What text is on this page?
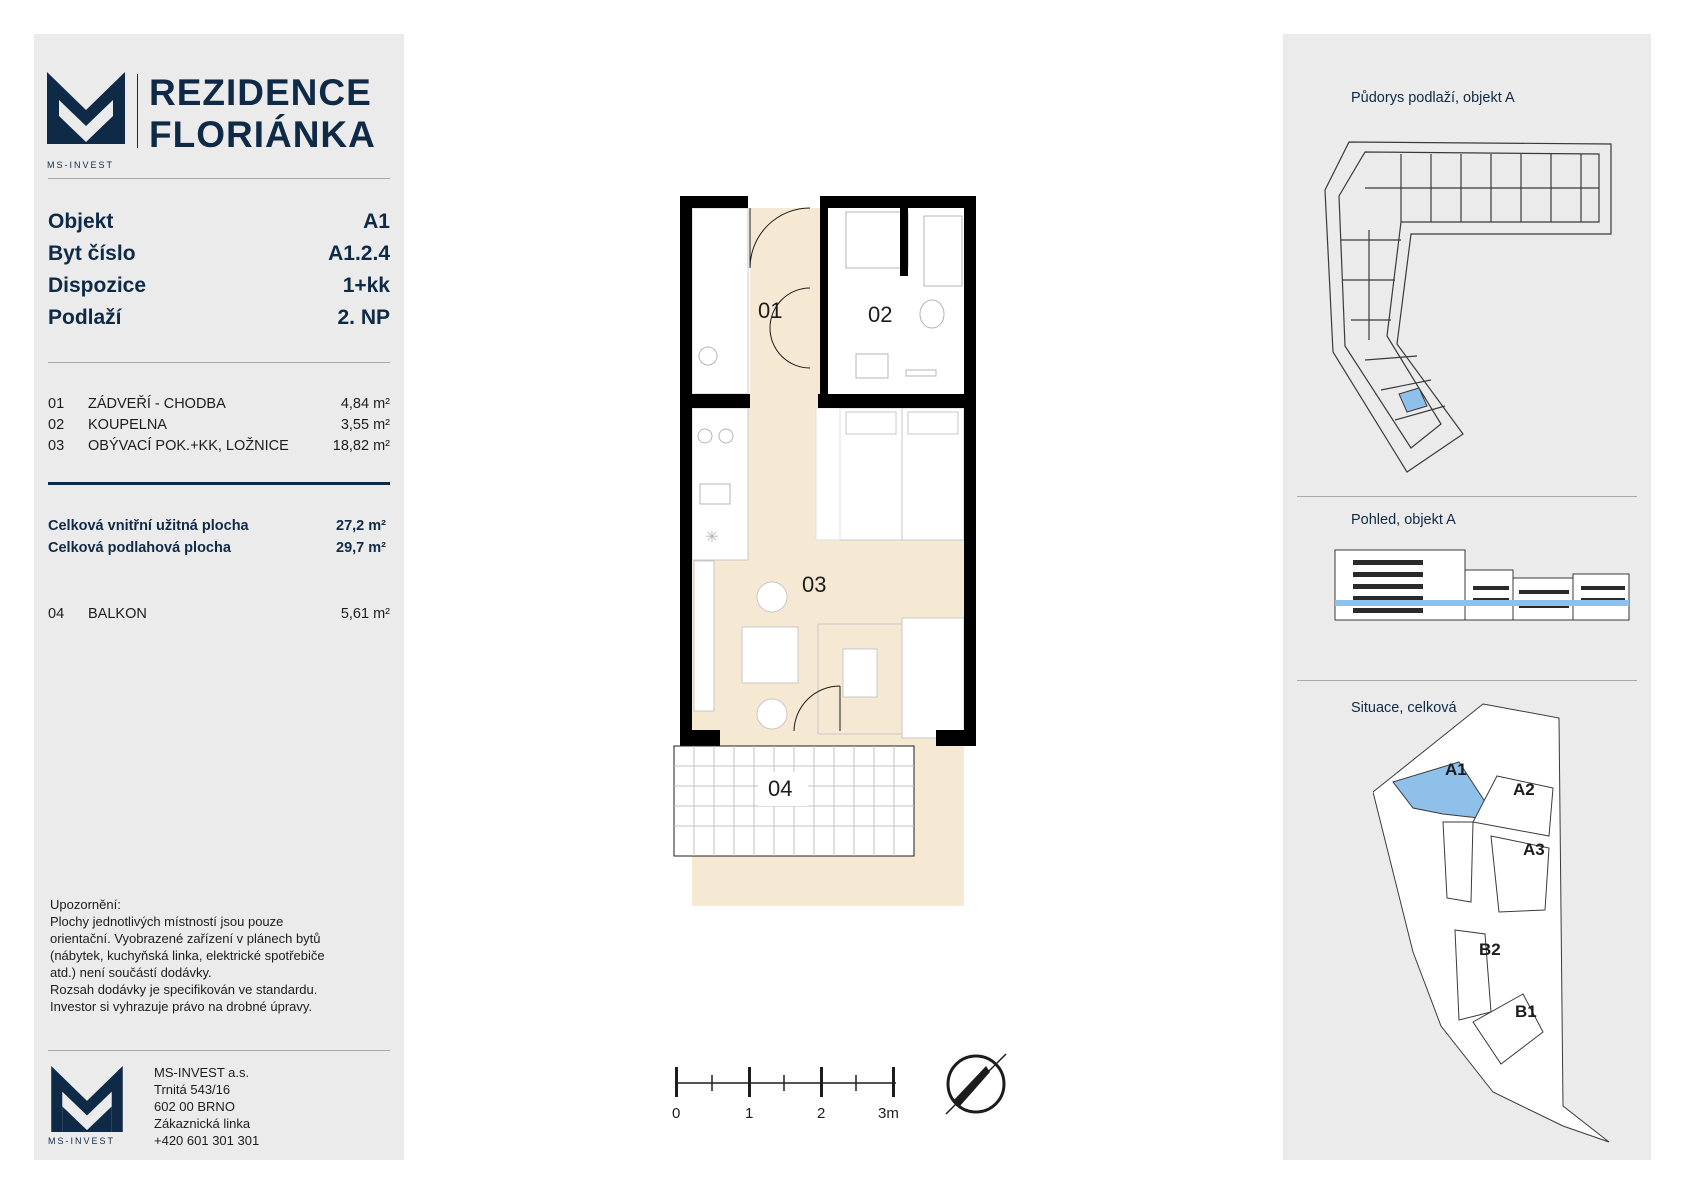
MS-INVEST
REZIDENCE
FLORIÁNKA
Objekt	A1
Byt číslo	A1.2.4
Dispozice	1+kk
Podlaží	2. NP
01 ZÁDVEŘÍ - CHODBA	4,84 m²
02 KOUPELNA	3,55 m²
03 OBÝVACÍ POK.+KK, LOŽNICE	18,82 m²
Celková vnitřní užitná plocha	27,2 m²
Celková podlahová plocha	29,7 m²
04 BALKON	5,61 m²
Upozornění:
Plochy jednotlivých místností jsou pouze
orientační. Vyobrazené zařízení v plánech bytů
(nábytek, kuchyňská linka, elektrické spotřebiče
atd.) není součástí dodávky.
Rozsah dodávky je specifikován ve standardu.
Investor si vyhrazuje právo na drobné úpravy.
MS-INVEST
MS-INVEST a.s.
Trnitá 543/16
602 00 BRNO
Zákaznická linka
+420 601 301 301
✳
01	02
03
04
0	1	2	3m
Půdorys podlaží, objekt A
Pohled, objekt A
Situace, celková
A1
A2
A3
B2
B1
